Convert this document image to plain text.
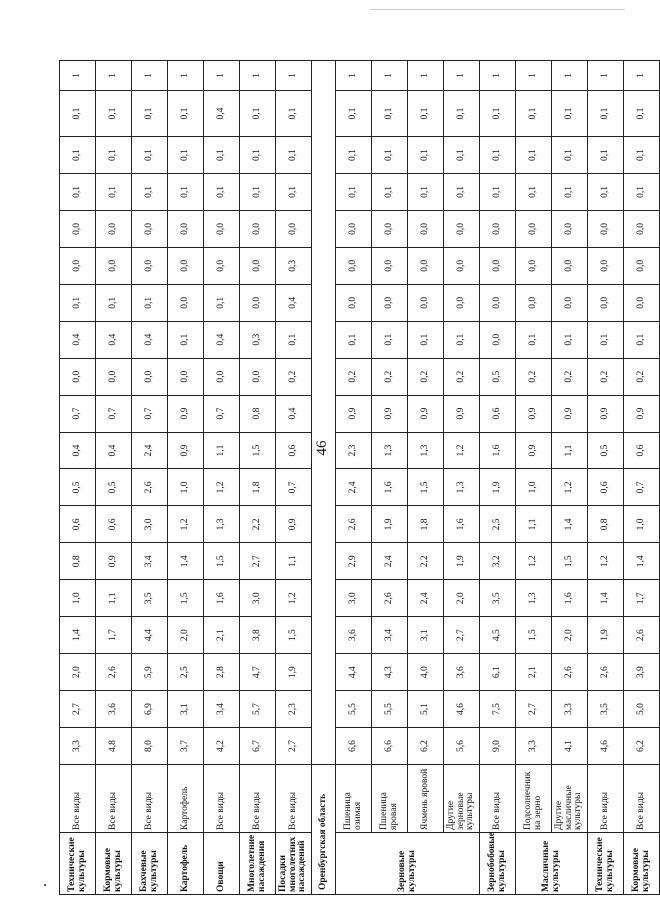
46
Технические культуры	Все виды	3,3	2,7	2,0	1,4	1,0	0,8	0,6	0,5	0,4	0,7	0,0	0,4	0,1	0,0	0,0	0,1	0,1	0,1	1
Кормовые культуры	Все виды	4,8	3,6	2,6	1,7	1,1	0,9	0,6	0,5	0,4	0,7	0,0	0,4	0,1	0,0	0,0	0,1	0,1	0,1	1
Бахчевые культуры	Все виды	8,0	6,9	5,9	4,4	3,5	3,4	3,0	2,6	2,4	0,7	0,0	0,4	0,1	0,0	0,0	0,1	0,1	0,1	1
Картофель	Картофель	3,7	3,1	2,5	2,0	1,5	1,4	1,2	1,0	0,9	0,9	0,0	0,1	0,0	0,0	0,0	0,1	0,1	0,1	1
Овощи	Все виды	4,2	3,4	2,8	2,1	1,6	1,5	1,3	1,2	1,1	0,7	0,0	0,4	0,1	0,0	0,0	0,1	0,1	0,4	1
Многолетние насаждения	Все виды	6,7	5,7	4,7	3,8	3,0	2,7	2,2	1,8	1,5	0,8	0,0	0,3	0,0	0,0	0,0	0,1	0,1	0,1	1
Посадки многолетних насаждений	Все виды	2,7	2,3	1,9	1,5	1,2	1,1	0,9	0,7	0,6	0,4	0,2	0,1	0,4	0,3	0,0	0,1	0,1	0,1	1
Оренбургская область																				
Зерновые культуры	Пшеница озимая	6,6	5,5	4,4	3,6	3,0	2,9	2,6	2,4	2,3	0,9	0,2	0,1	0,0	0,0	0,0	0,1	0,1	0,1	1
	Пшеница яровая	6,6	5,5	4,3	3,4	2,6	2,4	1,9	1,6	1,3	0,9	0,2	0,1	0,0	0,0	0,0	0,1	0,1	0,1	1
	Ячмень яровой	6,2	5,1	4,0	3,1	2,4	2,2	1,8	1,5	1,3	0,9	0,2	0,1	0,0	0,0	0,0	0,1	0,1	0,1	1
	Другие зерновые культуры	5,6	4,6	3,6	2,7	2,0	1,9	1,6	1,3	1,2	0,9	0,2	0,1	0,0	0,0	0,0	0,1	0,1	0,1	1
Зернобобовые культуры	Все виды	9,0	7,5	6,1	4,5	3,5	3,2	2,5	1,9	1,6	0,6	0,5	0,0	0,0	0,0	0,0	0,1	0,1	0,1	1
Масличные культуры	Подсолнечник на зерно	3,3	2,7	2,1	1,5	1,3	1,2	1,1	1,0	0,9	0,9	0,2	0,1	0,0	0,0	0,0	0,1	0,1	0,1	1
	Другие масличные культуры	4,1	3,3	2,6	2,0	1,6	1,5	1,4	1,2	1,1	0,9	0,2	0,1	0,0	0,0	0,0	0,1	0,1	0,1	1
Технические культуры	Все виды	4,6	3,5	2,6	1,9	1,4	1,2	0,8	0,6	0,5	0,9	0,2	0,1	0,0	0,0	0,0	0,1	0,1	0,1	1
Кормовые культуры	Все виды	6,2	5,0	3,9	2,6	1,7	1,4	1,0	0,7	0,6	0,9	0,2	0,1	0,0	0,0	0,0	0,1	0,1	0,1	1
